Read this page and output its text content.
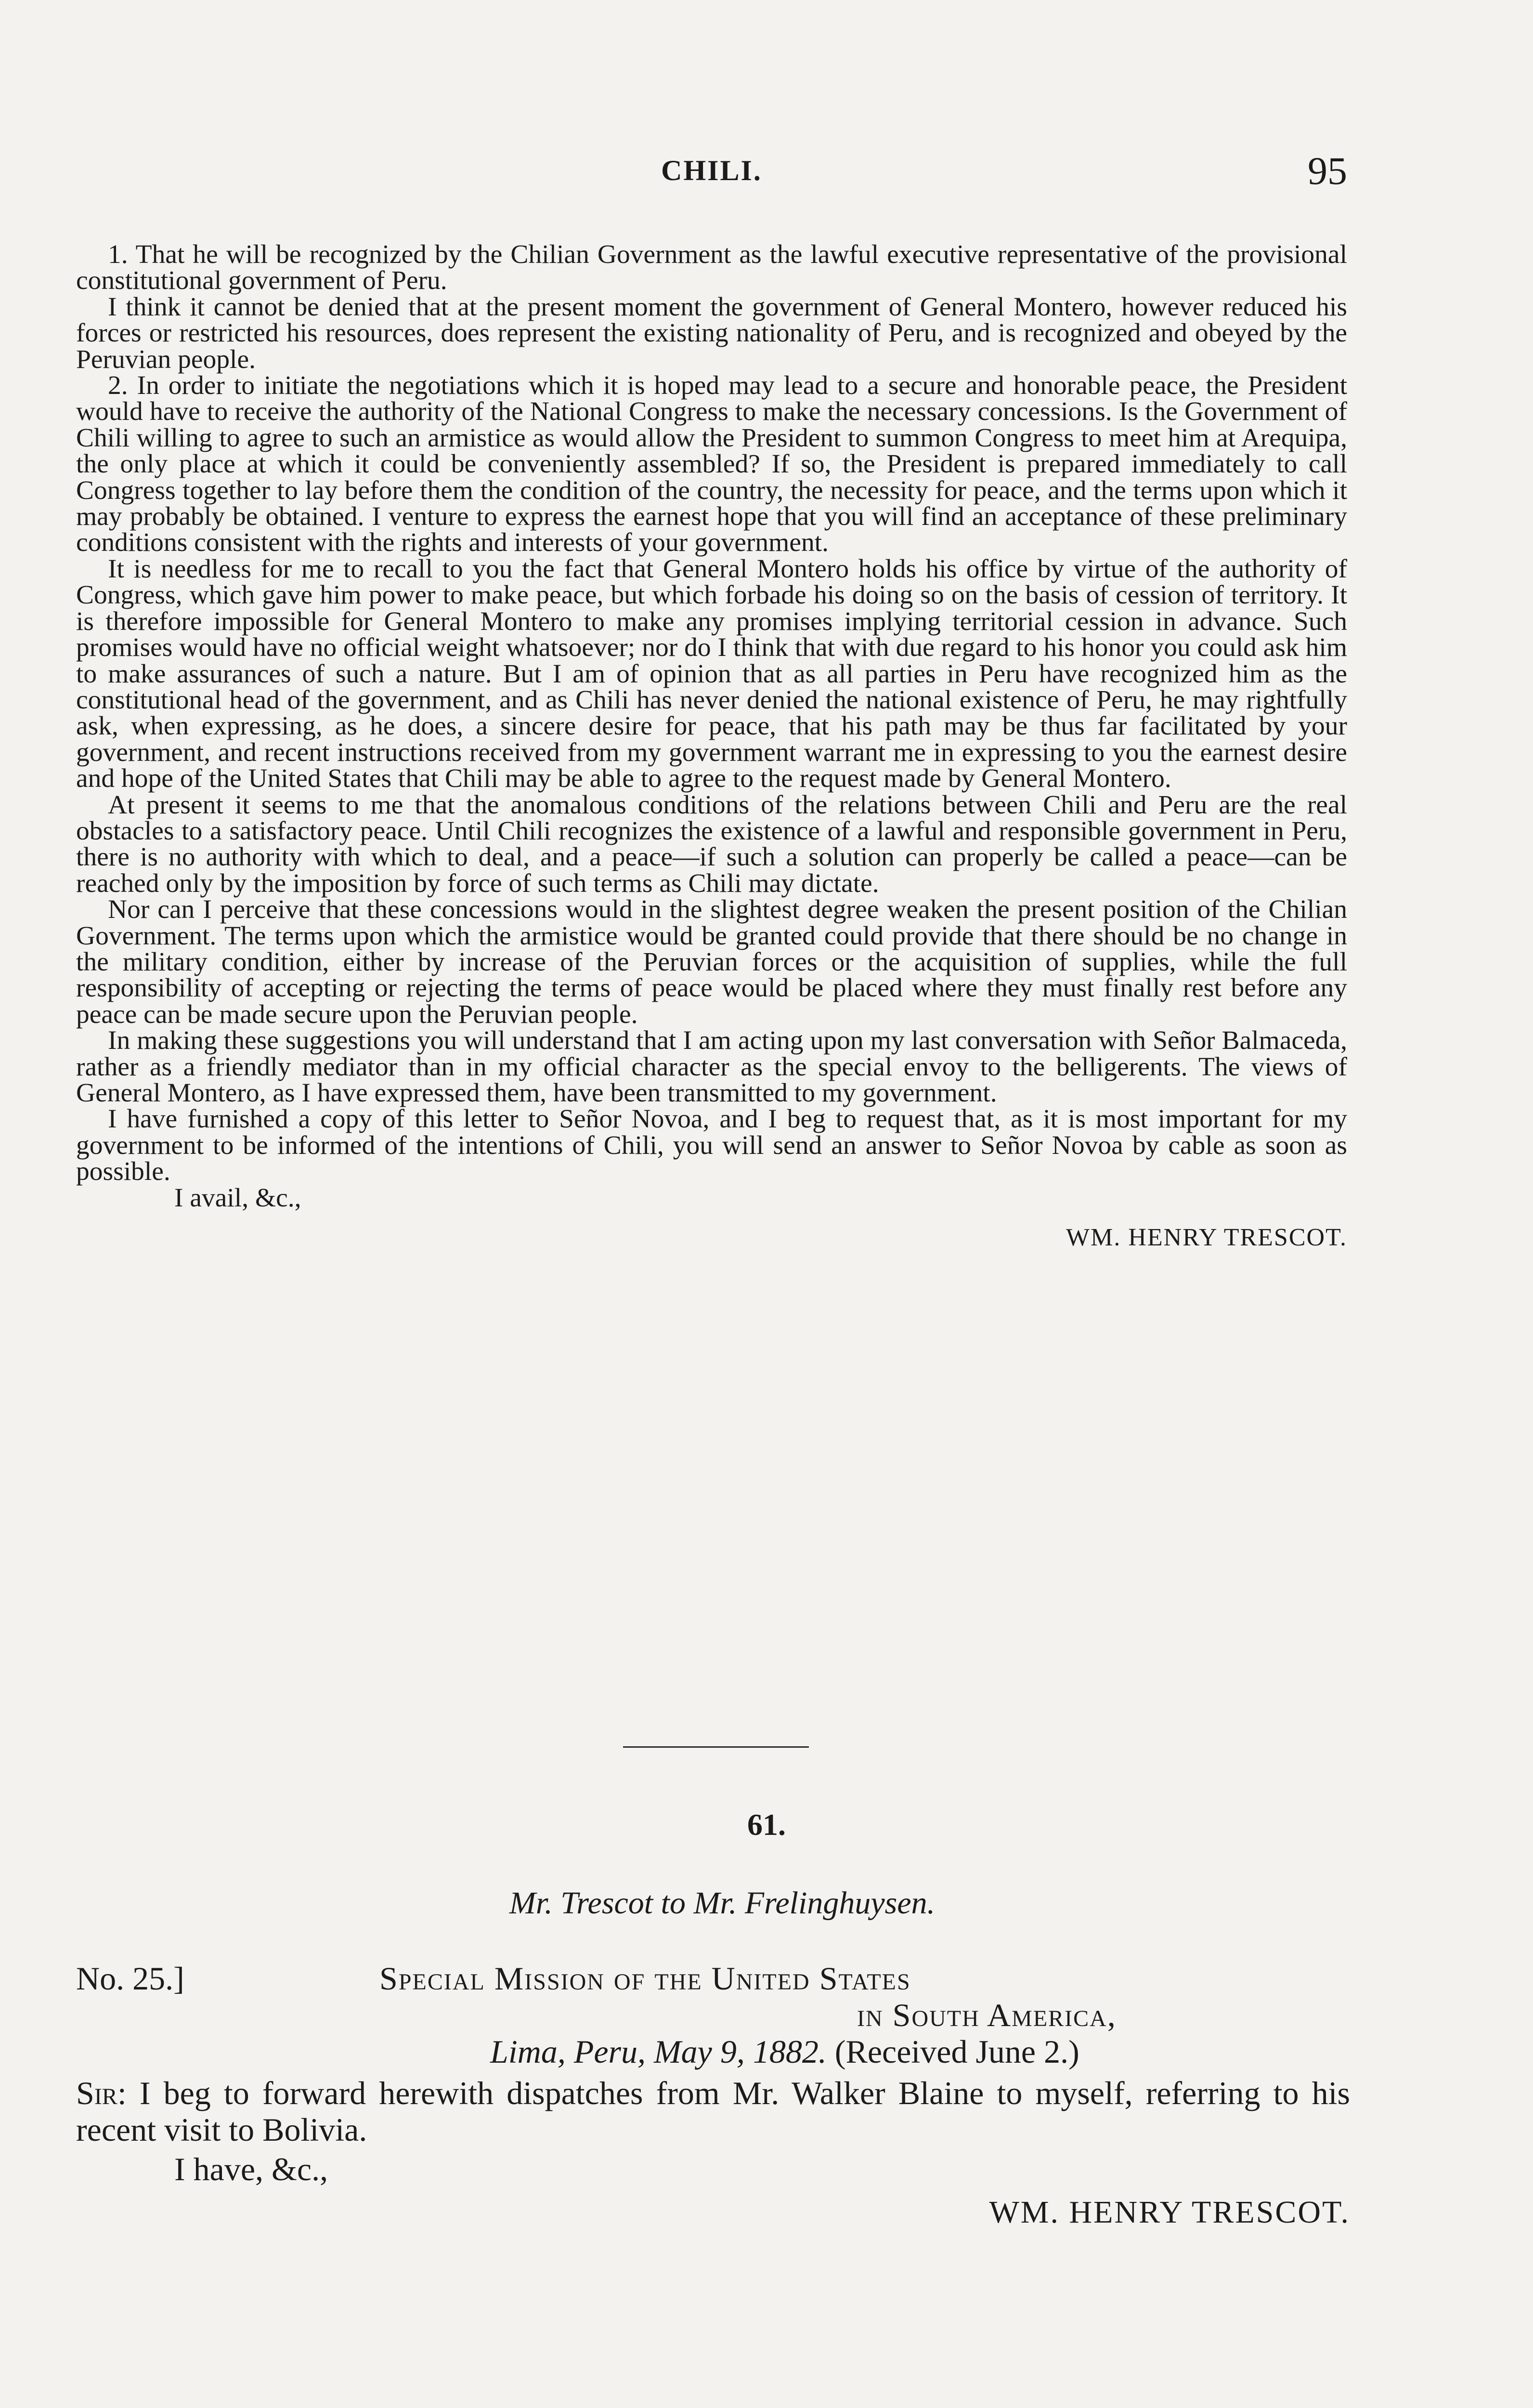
CHILI.	95

1. That he will be recognized by the Chilian Government as the lawful executive representative of the provisional constitutional government of Peru.

I think it cannot be denied that at the present moment the government of General Montero, however reduced his forces or restricted his resources, does represent the existing nationality of Peru, and is recognized and obeyed by the Peruvian people.

2. In order to initiate the negotiations which it is hoped may lead to a secure and honorable peace, the President would have to receive the authority of the National Congress to make the necessary concessions. Is the Government of Chili willing to agree to such an armistice as would allow the President to summon Congress to meet him at Arequipa, the only place at which it could be conveniently assembled? If so, the President is prepared immediately to call Congress together to lay before them the condition of the country, the necessity for peace, and the terms upon which it may probably be obtained. I venture to express the earnest hope that you will find an acceptance of these preliminary conditions consistent with the rights and interests of your government.

It is needless for me to recall to you the fact that General Montero holds his office by virtue of the authority of Congress, which gave him power to make peace, but which forbade his doing so on the basis of cession of territory. It is therefore impossible for General Montero to make any promises implying territorial cession in advance. Such promises would have no official weight whatsoever; nor do I think that with due regard to his honor you could ask him to make assurances of such a nature. But I am of opinion that as all parties in Peru have recognized him as the constitutional head of the government, and as Chili has never denied the national existence of Peru, he may rightfully ask, when expressing, as he does, a sincere desire for peace, that his path may be thus far facilitated by your government, and recent instructions received from my government warrant me in expressing to you the earnest desire and hope of the United States that Chili may be able to agree to the request made by General Montero.

At present it seems to me that the anomalous conditions of the relations between Chili and Peru are the real obstacles to a satisfactory peace. Until Chili recognizes the existence of a lawful and responsible government in Peru, there is no authority with which to deal, and a peace—if such a solution can properly be called a peace—can be reached only by the imposition by force of such terms as Chili may dictate.

Nor can I perceive that these concessions would in the slightest degree weaken the present position of the Chilian Government. The terms upon which the armistice would be granted could provide that there should be no change in the military condition, either by increase of the Peruvian forces or the acquisition of supplies, while the full responsibility of accepting or rejecting the terms of peace would be placed where they must finally rest before any peace can be made secure upon the Peruvian people.

In making these suggestions you will understand that I am acting upon my last conversation with Señor Balmaceda, rather as a friendly mediator than in my official character as the special envoy to the belligerents. The views of General Montero, as I have expressed them, have been transmitted to my government.

I have furnished a copy of this letter to Señor Novoa, and I beg to request that, as it is most important for my government to be informed of the intentions of Chili, you will send an answer to Señor Novoa by cable as soon as possible.

I avail, &c.,
WM. HENRY TRESCOT.
61.
Mr. Trescot to Mr. Frelinghuysen.
No. 25.]	Special Mission of the United States
in South America,
Lima, Peru, May 9, 1882. (Received June 2.)
Sir: I beg to forward herewith dispatches from Mr. Walker Blaine to myself, referring to his recent visit to Bolivia.
I have, &c.,
WM. HENRY TRESCOT.
